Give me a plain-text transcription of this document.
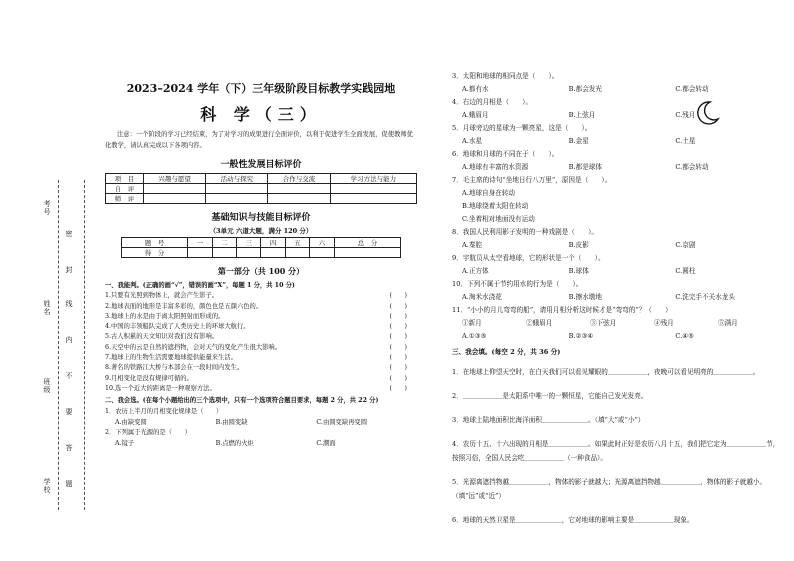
考号
姓名
班级
学校
密
封
线
内
不
要
答
题
2023–2024 学年（下）三年级阶段目标教学实践园地
科 学（三）
注意：一个阶段的学习已经结束，为了对学习的成果进行全面评价，以利于促进学生全面发展，促使教师优化教学，请认真完成以下各项内容。
一般性发展目标评价
项　目	兴趣与愿望	活动与探究	合作与交流	学习方法与能力
自　评				
师　评				
基础知识与技能目标评价
（3单元 六道大题，满分 120 分）
题　号	一	二	三	四	五	六	总　分
得　分							
第一部分（共 100 分）
一、我能判。(正确的画“√”，错误的画“X”，每题 1 分，共 10 分)
1.只要有光照到物体上，就会产生影子。	(　　)
2.地球表面的地形是丰富多彩的，颜色也是五颜六色的。	(　　)
3.地球上的水是由于离太阳照射而形成的。	(　　)
4.中国的丰领船队完成了人类历史上的环球大航行。	(　　)
5.古人积累的天文知识对我们没有影响。	(　　)
6.天空中的云是自然的遮挡物，会对天气的变化产生很大影响。	(　　)
7.地球上的生物生活需要地球提供能量来生活。	(　　)
8.著名的铁路江大桥与本部会在一段时间内发生。	(　　)
9.月相变化是没有规律可循的。	(　　)
10.选一个近大的距离是一种观察方法。	(　　)
二、我会选。(在每个小题给出的三个选项中，只有一个选项符合题目要求，每题 2 分，共 22 分)
1．农历上半月的月相变化规律是（　　）
A.由缺变圆	B.由圆变缺	C.由圆变缺再变圆
2．下列属于光源的是（　　）
A.镜子	B.点燃的火炬	C.潮面
3．太阳和地球的相同点是（　　）。
A.都有水	B.都会发光	C.都会转动
4．右边的月相是（　　）。
A.蛾眉月	B.上弦月	C.残月
5．月球旁边的星球为一颗亮星，这是（　　）。
A.水星	B.金星	C.土星
6．地球和月球的不同在于（　　）。
A.地球有丰富的水资源	B.都是球体	C.都会转动
7．毛主席的诗句“坐地日行八万里”，原因是（　　）。
A.地球自身在转动
B.地球绕着太阳在转动
C.坐着相对地面没有运动
8．我国人民利用影子发明的一种戏剧是（　　）。
A.秦腔	B.皮影	C.京剧
9．宇航员从太空看地球，它的形状是一个（　　）。
A.正方体	B.球体	C.圆柱
10．下列不属于节约用水的行为是（　　）。
A.淘米水浇花	B.擦水墩地	C.洗完手不关水龙头
11．“小小的月儿弯弯的船”，请用月相分析这时候才是“弯弯的”？（　　）
①新月	②蛾眉月	③下弦月	④残月	⑤满月
A.①③⑤	B.②③④	C.④⑤
三、我会填。(每空 2 分，共 36 分)
1．在地球上仰望天空时，在白天我们可以看见耀眼的＿＿＿＿＿＿，夜晚可以看见明亮的＿＿＿＿＿＿。
2．＿＿＿＿＿＿是太阳系中唯一的一颗恒星，它能自己发光发亮。
3．地球上陆地面积比海洋面积＿＿＿＿＿＿＿。（填“大”或“小”）
4．农历十五、十六出现的月相是＿＿＿＿＿＿。如果此时正好是农历八月十五，我们把它定为＿＿＿＿＿＿节，按照习俗，全国人民会吃＿＿＿＿＿＿（一种食品）。
5．光源离遮挡物越＿＿＿＿＿＿，物体的影子就越大；光源离遮挡物越＿＿＿＿＿＿，物体的影子就越小。（填“远”或“近”）
6．地球的天然卫星是＿＿＿＿＿＿＿，它对地球的影响主要是＿＿＿＿＿＿现象。
